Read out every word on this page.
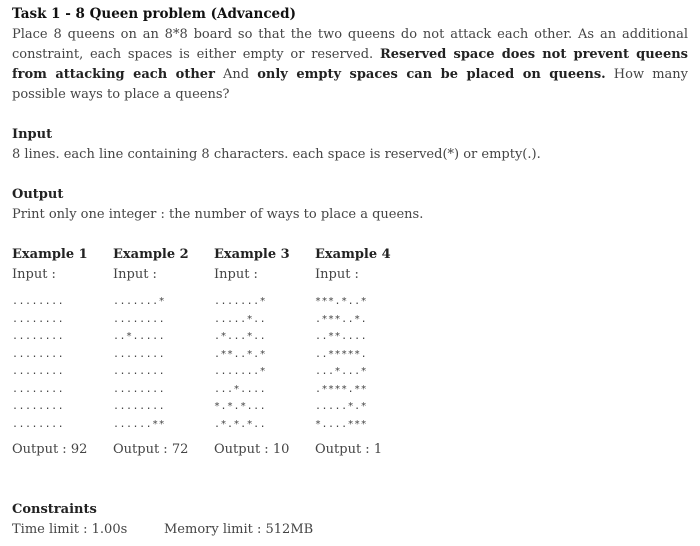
Task 1 - 8 Queen problem (Advanced)
Place 8 queens on an 8*8 board so that the two queens do not attack each other. As an additional constraint, each spaces is either empty or reserved. Reserved space does not prevent queens from attacking each other And only empty spaces can be placed on queens. How many possible ways to place a queens?
Input
8 lines. each line containing 8 characters. each space is reserved(*) or empty(.).
Output
Print only one integer : the number of ways to place a queens.
Example 1
Input :
........
........
........
........
........
........
........
........
Output : 92
Example 2
Input :
.......*
........
..*.....
........
........
........
........
......**
Output : 72
Example 3
Input :
.......*
.....*..
.*...*..
.**..*.*
.......*
...*....
*.*.*...
.*.*.*..
Output : 10
Example 4
Input :
***.*..*
.***..*.
..**....
..*****.
...*...*
.****.**
.....*.*
*....***
Output : 1
Constraints
Time limit : 1.00s	Memory limit : 512MB
